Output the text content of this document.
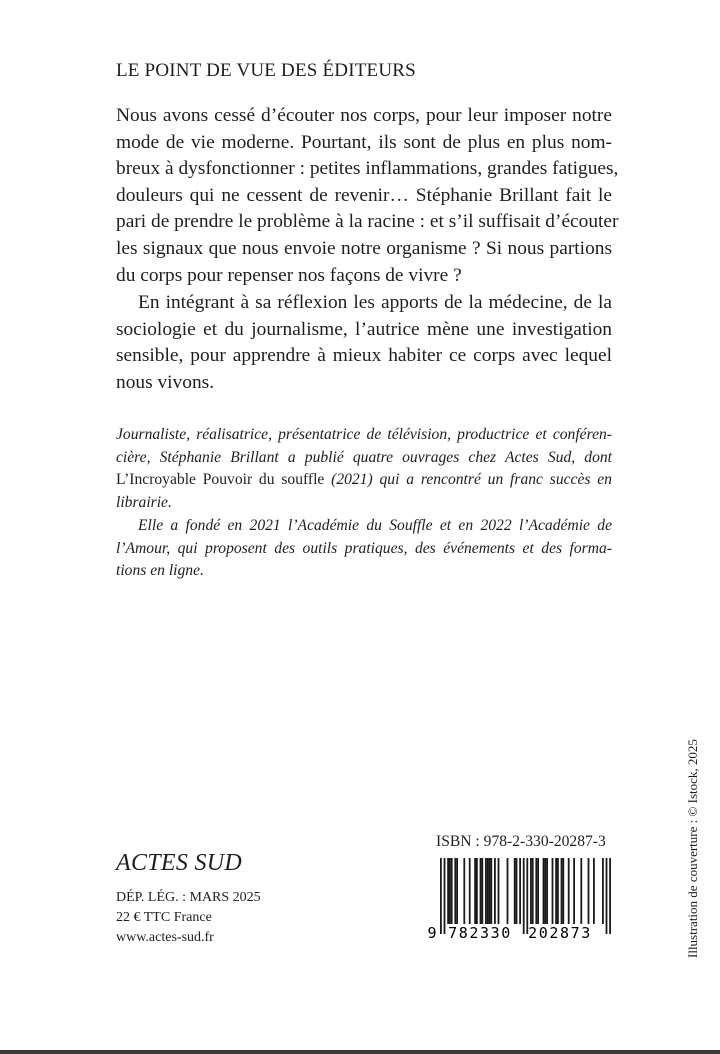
LE POINT DE VUE DES ÉDITEURS

Nous avons cessé d’écouter nos corps, pour leur imposer notre
mode de vie moderne. Pourtant, ils sont de plus en plus nom-
breux à dysfonctionner : petites inflammations, grandes fatigues,
douleurs qui ne cessent de revenir… Stéphanie Brillant fait le
pari de prendre le problème à la racine : et s’il suffisait d’écouter
les signaux que nous envoie notre organisme ? Si nous partions
du corps pour repenser nos façons de vivre ?

En intégrant à sa réflexion les apports de la médecine, de la
sociologie et du journalisme, l’autrice mène une investigation
sensible, pour apprendre à mieux habiter ce corps avec lequel
nous vivons.

Journaliste, réalisatrice, présentatrice de télévision, productrice et conféren-
cière, Stéphanie Brillant a publié quatre ouvrages chez Actes Sud, dont
L’Incroyable Pouvoir du souffle (2021) qui a rencontré un franc succès en
librairie.

Elle a fondé en 2021 l’Académie du Souffle et en 2022 l’Académie de
l’Amour, qui proposent des outils pratiques, des événements et des forma-
tions en ligne.

ACTES SUD
DÉP. LÉG. : MARS 2025
22 € TTC France
www.actes-sud.fr
ISBN : 978-2-330-20287-3
9 782330 202873	Illustration de couverture : © Istock, 2025
